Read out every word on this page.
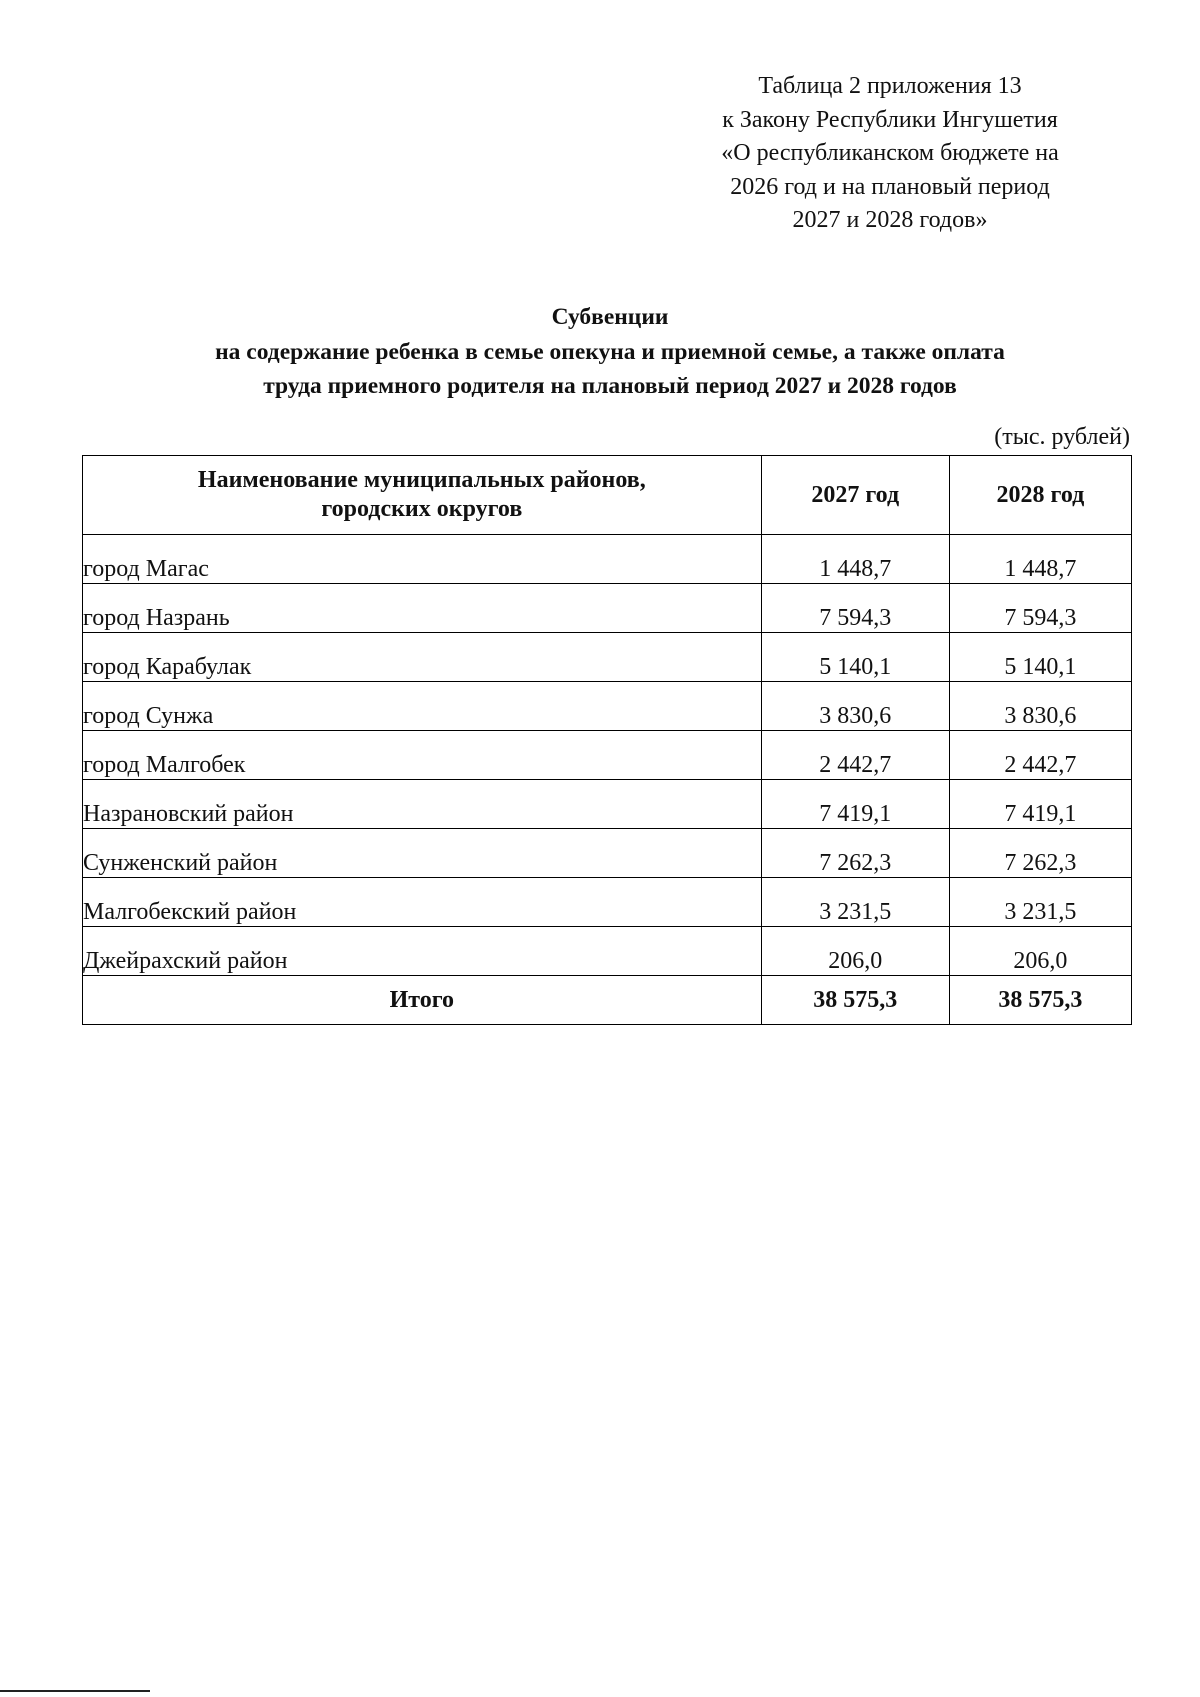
Таблица 2 приложения 13
к Закону Республики Ингушетия
«О республиканском бюджете на
2026 год и на плановый период
2027 и 2028 годов»
Субвенции
на содержание ребенка в семье опекуна и приемной семье, а также оплата
труда приемного родителя на плановый период 2027 и 2028 годов
(тыс. рублей)
Наименование муниципальных районов,
городских округов	2027 год	2028 год
город Магас	1 448,7	1 448,7
город Назрань	7 594,3	7 594,3
город Карабулак	5 140,1	5 140,1
город Сунжа	3 830,6	3 830,6
город Малгобек	2 442,7	2 442,7
Назрановский район	7 419,1	7 419,1
Сунженский район	7 262,3	7 262,3
Малгобекский район	3 231,5	3 231,5
Джейрахский район	206,0	206,0
Итого	38 575,3	38 575,3
